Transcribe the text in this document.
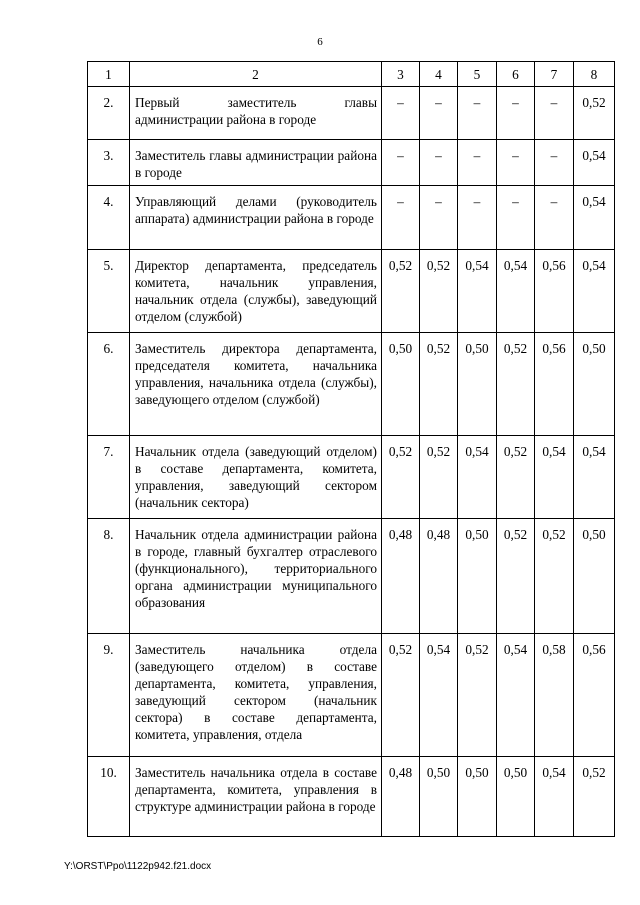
6
1	2	3	4	5	6	7	8
2.	Первый заместитель главы администрации района в городе	–	–	–	–	–	0,52
3.	Заместитель главы администрации района в городе	–	–	–	–	–	0,54
4.	Управляющий делами (руководитель аппарата) администрации района в городе	–	–	–	–	–	0,54
5.	Директор департамента, председатель комитета, начальник управления, начальник отдела (службы), заведующий отделом (службой)	0,52	0,52	0,54	0,54	0,56	0,54
6.	Заместитель директора департамента, председателя комитета, начальника управления, начальника отдела (службы), заведующего отделом (службой)	0,50	0,52	0,50	0,52	0,56	0,50
7.	Начальник отдела (заведующий отделом) в составе департамента, комитета, управления, заведующий сектором (начальник сектора)	0,52	0,52	0,54	0,52	0,54	0,54
8.	Начальник отдела администрации района в городе, главный бухгалтер отраслевого (функционального), территориального органа администрации муниципального образования	0,48	0,48	0,50	0,52	0,52	0,50
9.	Заместитель начальника отдела (заведующего отделом) в составе департамента, комитета, управления, заведующий сектором (начальник сектора) в составе департамента, комитета, управления, отдела	0,52	0,54	0,52	0,54	0,58	0,56
10.	Заместитель начальника отдела в составе департамента, комитета, управления в структуре администрации района в городе	0,48	0,50	0,50	0,50	0,54	0,52
Y:\ORST\Ppo\1122p942.f21.docx
